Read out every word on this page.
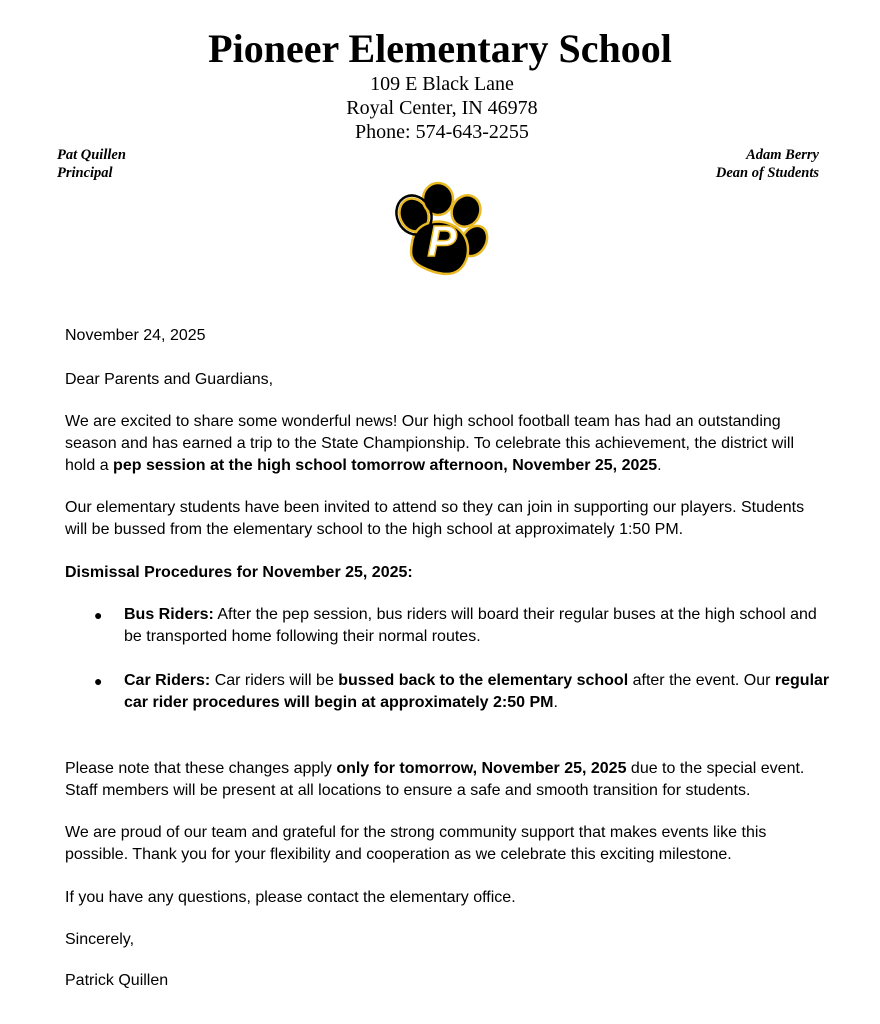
Pioneer Elementary School
109 E Black Lane
Royal Center, IN 46978
Phone: 574-643-2255
Pat Quillen
Principal
Adam Berry
Dean of Students
P
November 24, 2025
Dear Parents and Guardians,
We are excited to share some wonderful news! Our high school football team has had an outstanding season and has earned a trip to the State Championship. To celebrate this achievement, the district will hold a pep session at the high school tomorrow afternoon, November 25, 2025.
Our elementary students have been invited to attend so they can join in supporting our players. Students will be bussed from the elementary school to the high school at approximately 1:50 PM.
Dismissal Procedures for November 25, 2025:
● Bus Riders: After the pep session, bus riders will board their regular buses at the high school and be transported home following their normal routes.
● Car Riders: Car riders will be bussed back to the elementary school after the event. Our regular car rider procedures will begin at approximately 2:50 PM.
Please note that these changes apply only for tomorrow, November 25, 2025 due to the special event. Staff members will be present at all locations to ensure a safe and smooth transition for students.
We are proud of our team and grateful for the strong community support that makes events like this possible. Thank you for your flexibility and cooperation as we celebrate this exciting milestone.
If you have any questions, please contact the elementary office.
Sincerely,
Patrick Quillen
